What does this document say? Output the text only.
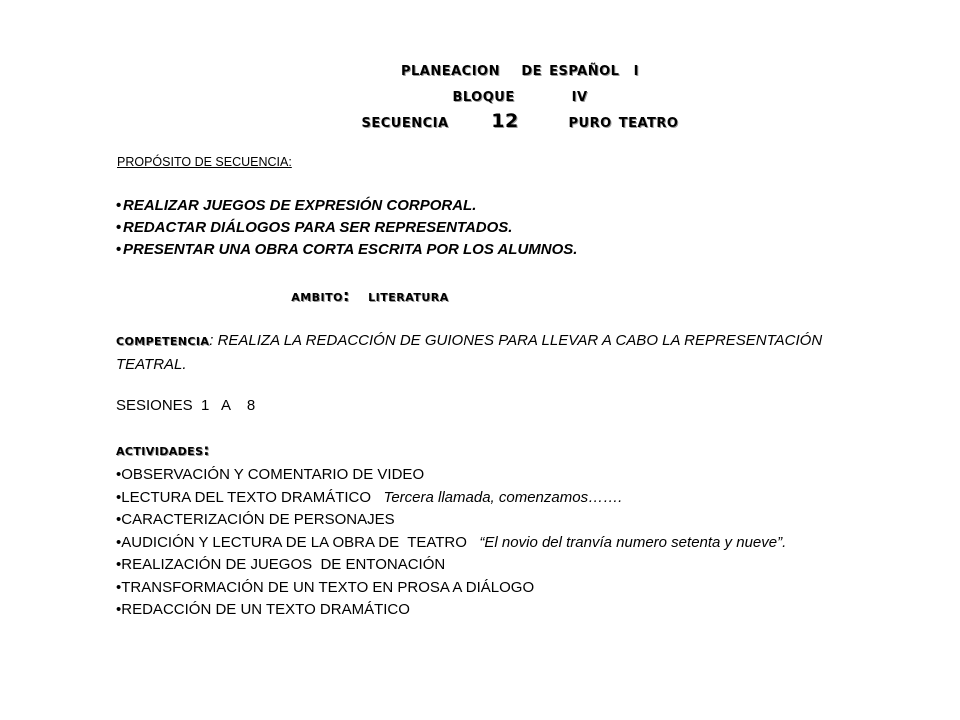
planeacion   de español  i
bloque        iv
secuencia      12       puro teatro
PROPÓSITO DE SECUENCIA:
• REALIZAR JUEGOS DE EXPRESIÓN CORPORAL.
• REDACTAR DIÁLOGOS PARA SER REPRESENTADOS.
• PRESENTAR UNA OBRA CORTA ESCRITA POR LOS ALUMNOS.
ambito:   literatura
competencia: REALIZA LA REDACCIÓN DE GUIONES PARA LLEVAR A CABO LA REPRESENTACIÓN TEATRAL.
SESIONES  1   A    8
actividades:
•OBSERVACIÓN Y COMENTARIO DE VIDEO
•LECTURA DEL TEXTO DRAMÁTICO   Tercera llamada, comenzamos…….
•CARACTERIZACIÓN DE PERSONAJES
•AUDICIÓN Y LECTURA DE LA OBRA DE  TEATRO   “El novio del tranvía numero setenta y nueve”.
•REALIZACIÓN DE JUEGOS  DE ENTONACIÓN
•TRANSFORMACIÓN DE UN TEXTO EN PROSA A DIÁLOGO
•REDACCIÓN DE UN TEXTO DRAMÁTICO
